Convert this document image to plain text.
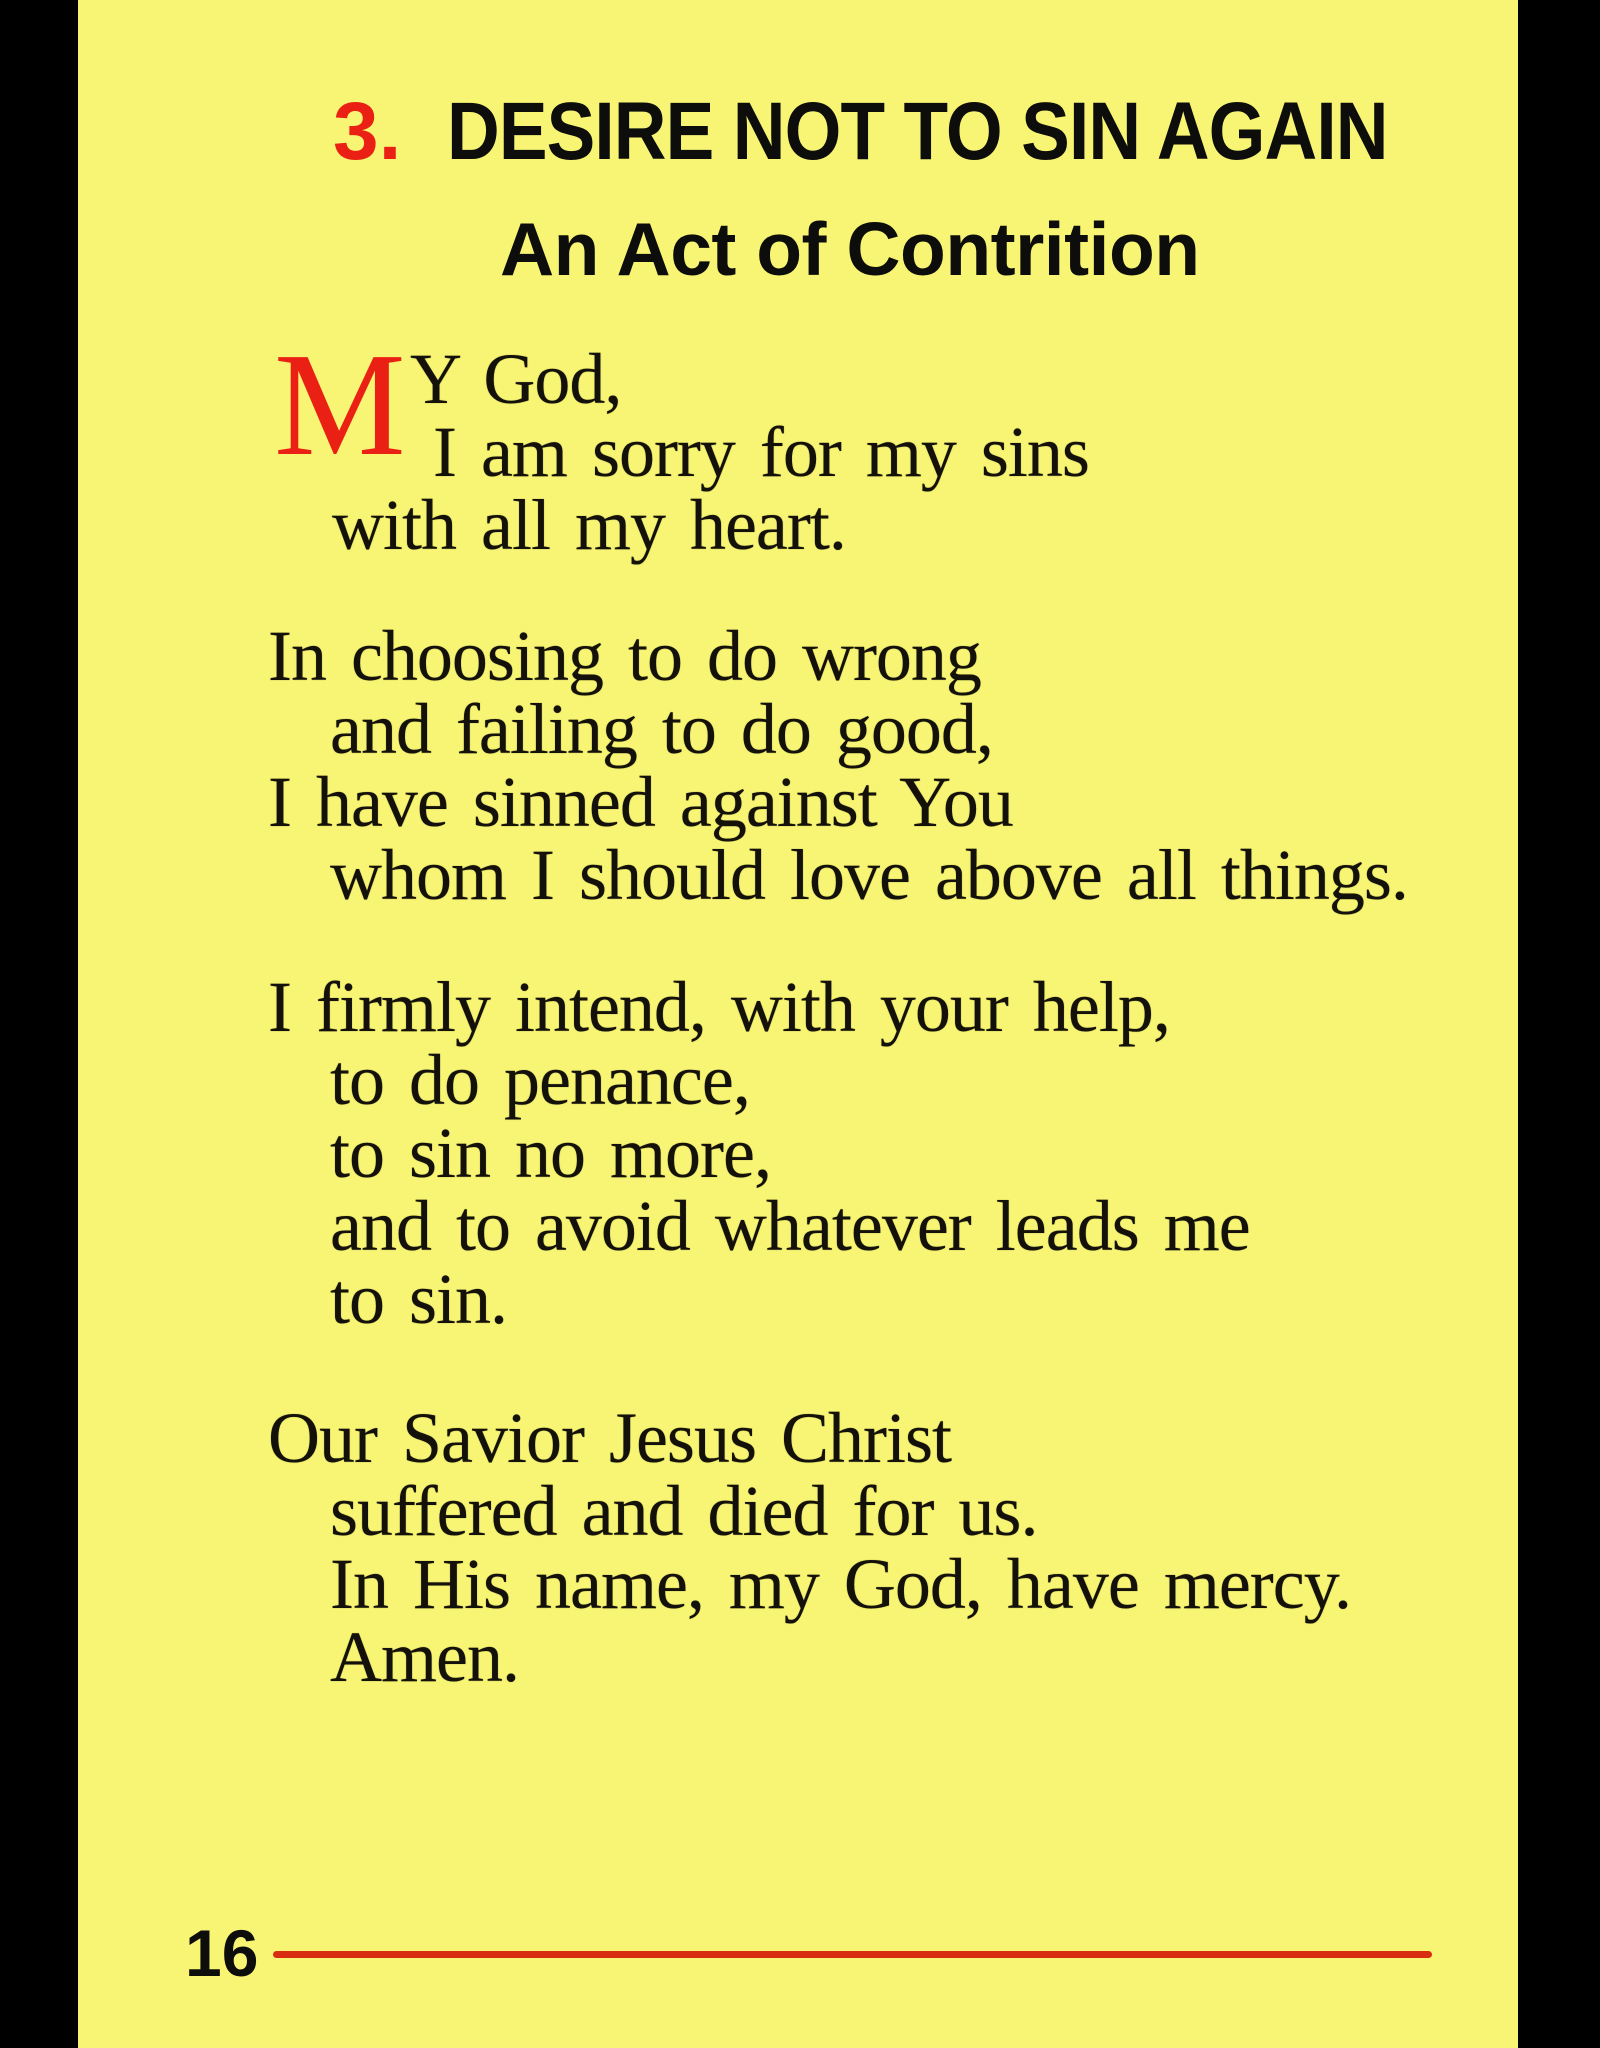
3. DESIRE NOT TO SIN AGAIN
An Act of Contrition
M Y God,
I am sorry for my sins
with all my heart.
In choosing to do wrong
and failing to do good,
I have sinned against You
whom I should love above all things.
I firmly intend, with your help,
to do penance,
to sin no more,
and to avoid whatever leads me
to sin.
Our Savior Jesus Christ
suffered and died for us.
In His name, my God, have mercy.
Amen.
16
